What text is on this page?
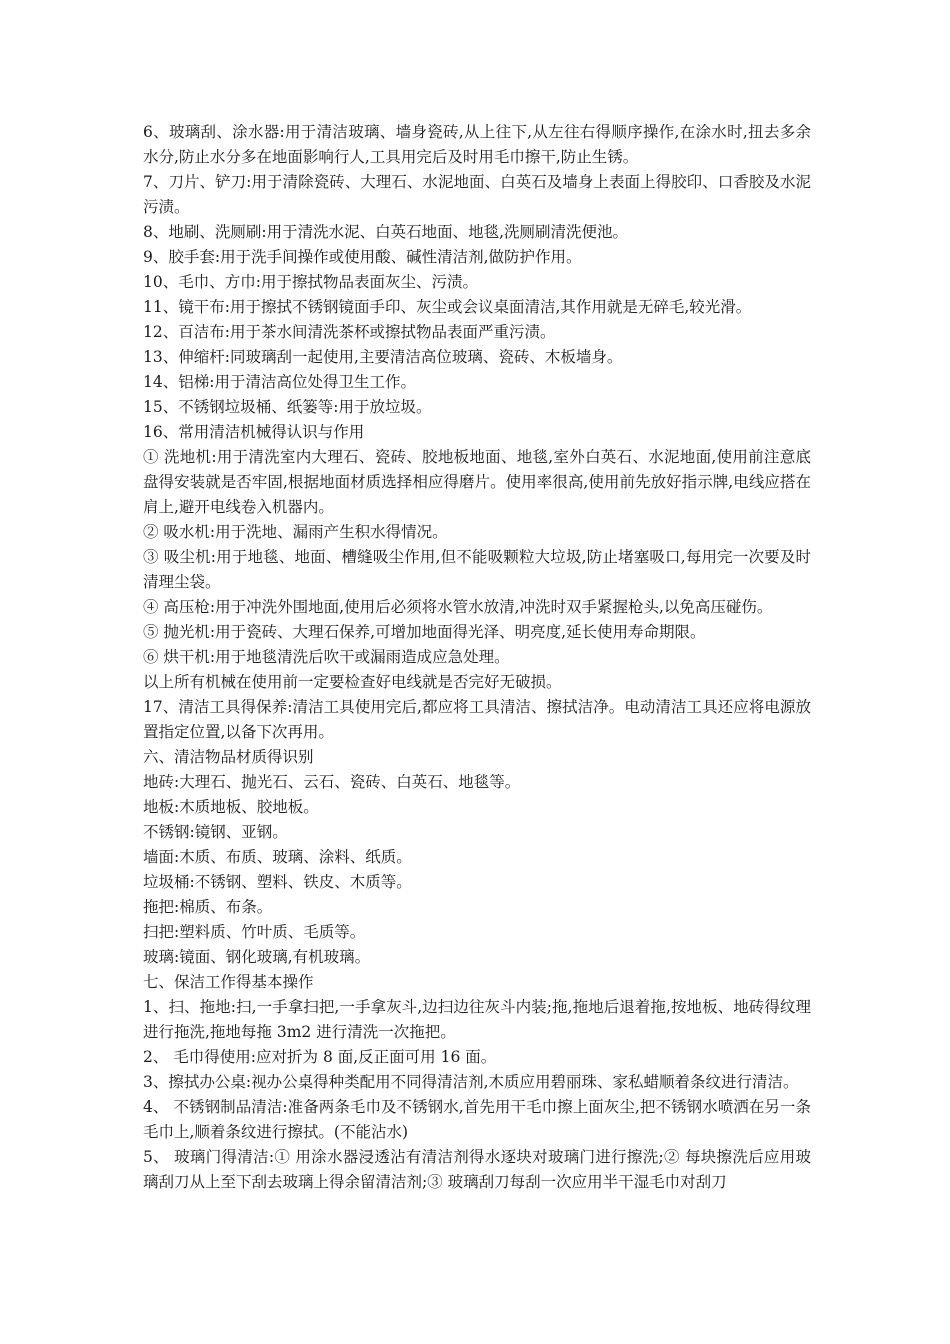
6、玻璃刮、涂水器:用于清洁玻璃、墙身瓷砖,从上往下,从左往右得顺序操作,在涂水时,扭去多余水分,防止水分多在地面影响行人,工具用完后及时用毛巾擦干,防止生锈。

7、刀片、铲刀:用于清除瓷砖、大理石、水泥地面、白英石及墙身上表面上得胶印、口香胶及水泥污渍。

8、地刷、洗厕刷:用于清洗水泥、白英石地面、地毯,洗厕刷清洗便池。

9、胶手套:用于洗手间操作或使用酸、碱性清洁剂,做防护作用。

10、毛巾、方巾:用于擦拭物品表面灰尘、污渍。

11、镜干布:用于擦拭不锈钢镜面手印、灰尘或会议桌面清洁,其作用就是无碎毛,较光滑。

12、百洁布:用于茶水间清洗茶杯或擦拭物品表面严重污渍。

13、伸缩杆:同玻璃刮一起使用,主要清洁高位玻璃、瓷砖、木板墙身。

14、铝梯:用于清洁高位处得卫生工作。

15、不锈钢垃圾桶、纸篓等:用于放垃圾。

16、常用清洁机械得认识与作用

① 洗地机:用于清洗室内大理石、瓷砖、胶地板地面、地毯,室外白英石、水泥地面,使用前注意底盘得安装就是否牢固,根据地面材质选择相应得磨片。使用率很高,使用前先放好指示牌,电线应搭在肩上,避开电线卷入机器内。

② 吸水机:用于洗地、漏雨产生积水得情况。

③ 吸尘机:用于地毯、地面、槽缝吸尘作用,但不能吸颗粒大垃圾,防止堵塞吸口,每用完一次要及时清理尘袋。

④ 高压枪:用于冲洗外围地面,使用后必须将水管水放清,冲洗时双手紧握枪头,以免高压碰伤。

⑤ 抛光机:用于瓷砖、大理石保养,可增加地面得光泽、明亮度,延长使用寿命期限。

⑥ 烘干机:用于地毯清洗后吹干或漏雨造成应急处理。

以上所有机械在使用前一定要检查好电线就是否完好无破损。

17、清洁工具得保养:清洁工具使用完后,都应将工具清洁、擦拭洁净。电动清洁工具还应将电源放置指定位置,以备下次再用。

六、清洁物品材质得识别

地砖:大理石、抛光石、云石、瓷砖、白英石、地毯等。

地板:木质地板、胶地板。

不锈钢:镜钢、亚钢。

墙面:木质、布质、玻璃、涂料、纸质。

垃圾桶:不锈钢、塑料、铁皮、木质等。

拖把:棉质、布条。

扫把:塑料质、竹叶质、毛质等。

玻璃:镜面、钢化玻璃,有机玻璃。

七、保洁工作得基本操作

1、扫、拖地:扫,一手拿扫把,一手拿灰斗,边扫边往灰斗内装;拖,拖地后退着拖,按地板、地砖得纹理进行拖洗,拖地每拖 3m2 进行清洗一次拖把。

2、 毛巾得使用:应对折为 8 面,反正面可用 16 面。

3、擦拭办公桌:视办公桌得种类配用不同得清洁剂,木质应用碧丽珠、家私蜡顺着条纹进行清洁。

4、 不锈钢制品清洁:准备两条毛巾及不锈钢水,首先用干毛巾擦上面灰尘,把不锈钢水喷洒在另一条毛巾上,顺着条纹进行擦拭。(不能沾水)

5、 玻璃门得清洁:① 用涂水器浸透沾有清洁剂得水逐块对玻璃门进行擦洗;② 每块擦洗后应用玻璃刮刀从上至下刮去玻璃上得余留清洁剂;③ 玻璃刮刀每刮一次应用半干湿毛巾对刮刀
